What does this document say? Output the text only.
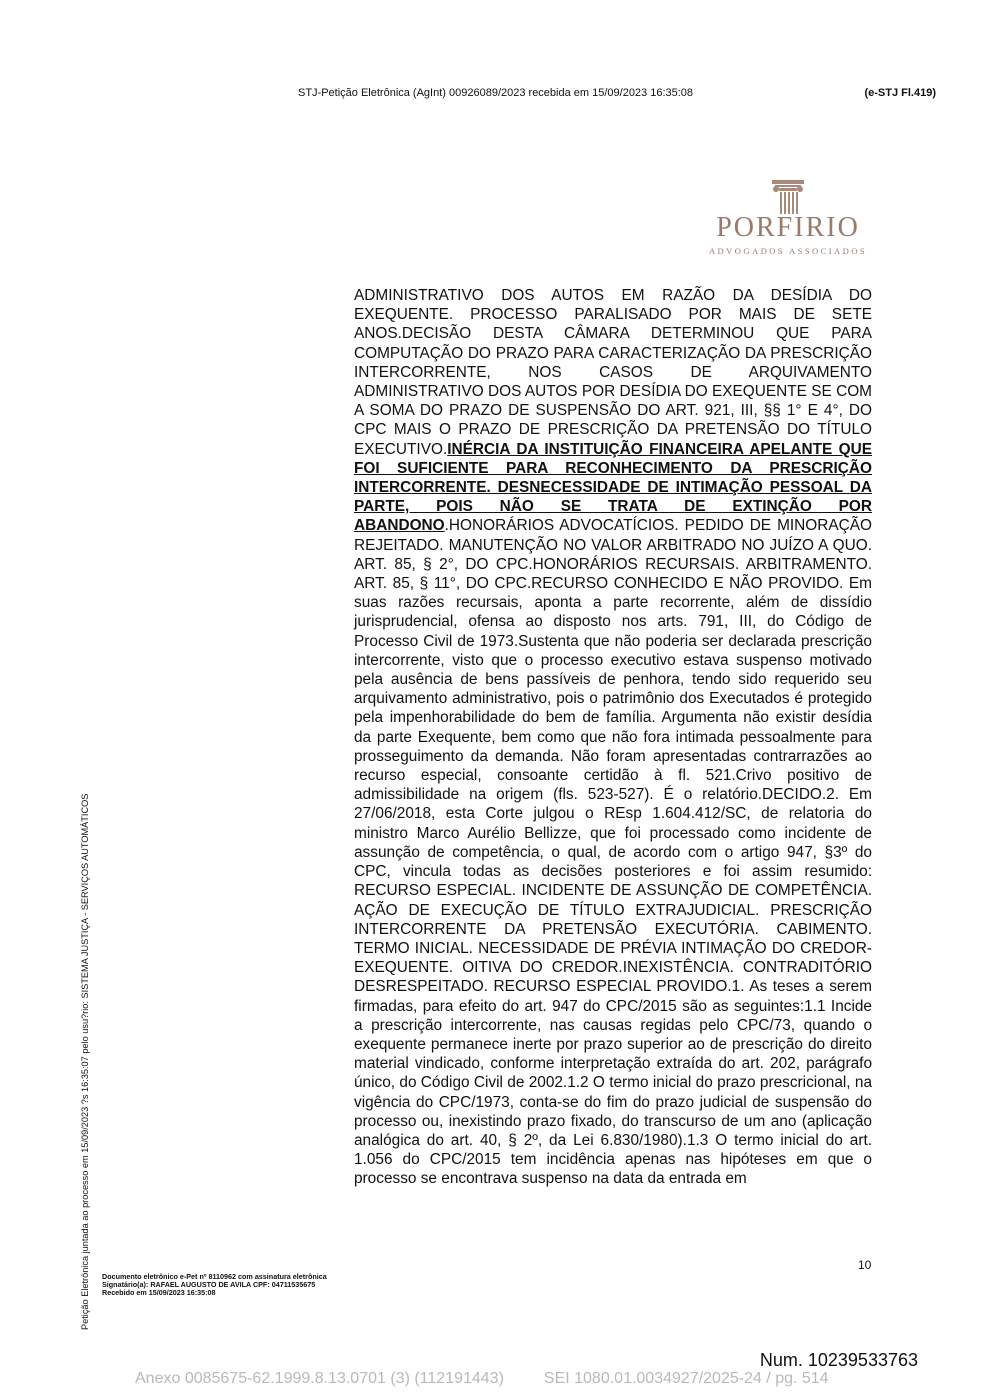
STJ-Petição Eletrônica (AgInt) 00926089/2023 recebida em 15/09/2023 16:35:08	(e-STJ Fl.419)
PORFIRIO
ADVOGADOS ASSOCIADOS
ADMINISTRATIVO DOS AUTOS EM RAZÃO DA DESÍDIA DO EXEQUENTE. PROCESSO PARALISADO POR MAIS DE SETE ANOS.DECISÃO DESTA CÂMARA DETERMINOU QUE PARA COMPUTAÇÃO DO PRAZO PARA CARACTERIZAÇÃO DA PRESCRIÇÃO INTERCORRENTE, NOS CASOS DE ARQUIVAMENTO ADMINISTRATIVO DOS AUTOS POR DESÍDIA DO EXEQUENTE SE COM A SOMA DO PRAZO DE SUSPENSÃO DO ART. 921, III, §§ 1° E 4°, DO CPC MAIS O PRAZO DE PRESCRIÇÃO DA PRETENSÃO DO TÍTULO EXECUTIVO.INÉRCIA DA INSTITUIÇÃO FINANCEIRA APELANTE QUE FOI SUFICIENTE PARA RECONHECIMENTO DA PRESCRIÇÃO INTERCORRENTE. DESNECESSIDADE DE INTIMAÇÃO PESSOAL DA PARTE, POIS NÃO SE TRATA DE EXTINÇÃO POR ABANDONO.HONORÁRIOS ADVOCATÍCIOS. PEDIDO DE MINORAÇÃO REJEITADO. MANUTENÇÃO NO VALOR ARBITRADO NO JUÍZO A QUO. ART. 85, § 2°, DO CPC.HONORÁRIOS RECURSAIS. ARBITRAMENTO. ART. 85, § 11°, DO CPC.RECURSO CONHECIDO E NÃO PROVIDO. Em suas razões recursais, aponta a parte recorrente, além de dissídio jurisprudencial, ofensa ao disposto nos arts. 791, III, do Código de Processo Civil de 1973.Sustenta que não poderia ser declarada prescrição intercorrente, visto que o processo executivo estava suspenso motivado pela ausência de bens passíveis de penhora, tendo sido requerido seu arquivamento administrativo, pois o patrimônio dos Executados é protegido pela impenhorabilidade do bem de família. Argumenta não existir desídia da parte Exequente, bem como que não fora intimada pessoalmente para prosseguimento da demanda. Não foram apresentadas contrarrazões ao recurso especial, consoante certidão à fl. 521.Crivo positivo de admissibilidade na origem (fls. 523-527). É o relatório.DECIDO.2. Em 27/06/2018, esta Corte julgou o REsp 1.604.412/SC, de relatoria do ministro Marco Aurélio Bellizze, que foi processado como incidente de assunção de competência, o qual, de acordo com o artigo 947, §3º do CPC, vincula todas as decisões posteriores e foi assim resumido: RECURSO ESPECIAL. INCIDENTE DE ASSUNÇÃO DE COMPETÊNCIA. AÇÃO DE EXECUÇÃO DE TÍTULO EXTRAJUDICIAL. PRESCRIÇÃO INTERCORRENTE DA PRETENSÃO EXECUTÓRIA. CABIMENTO. TERMO INICIAL. NECESSIDADE DE PRÉVIA INTIMAÇÃO DO CREDOR-EXEQUENTE. OITIVA DO CREDOR.INEXISTÊNCIA. CONTRADITÓRIO DESRESPEITADO. RECURSO ESPECIAL PROVIDO.1. As teses a serem firmadas, para efeito do art. 947 do CPC/2015 são as seguintes:1.1 Incide a prescrição intercorrente, nas causas regidas pelo CPC/73, quando o exequente permanece inerte por prazo superior ao de prescrição do direito material vindicado, conforme interpretação extraída do art. 202, parágrafo único, do Código Civil de 2002.1.2 O termo inicial do prazo prescricional, na vigência do CPC/1973, conta-se do fim do prazo judicial de suspensão do processo ou, inexistindo prazo fixado, do transcurso de um ano (aplicação analógica do art. 40, § 2º, da Lei 6.830/1980).1.3 O termo inicial do art. 1.056 do CPC/2015 tem incidência apenas nas hipóteses em que o processo se encontrava suspenso na data da entrada em
10
Documento eletrônico e-Pet nº 8110962 com assinatura eletrônica
Signatário(a): RAFAEL AUGUSTO DE AVILA CPF: 04711535675
Recebido em 15/09/2023 16:35:08
Petição Eletrônica juntada ao processo em 15/09/2023 ?s 16:35:07 pelo usu?rio: SISTEMA JUSTIÇA - SERVIÇOS AUTOMÁTICOS
Num. 10239533763
Anexo 0085675-62.1999.8.13.0701 (3) (112191443)	SEI 1080.01.0034927/2025-24 / pg. 514
